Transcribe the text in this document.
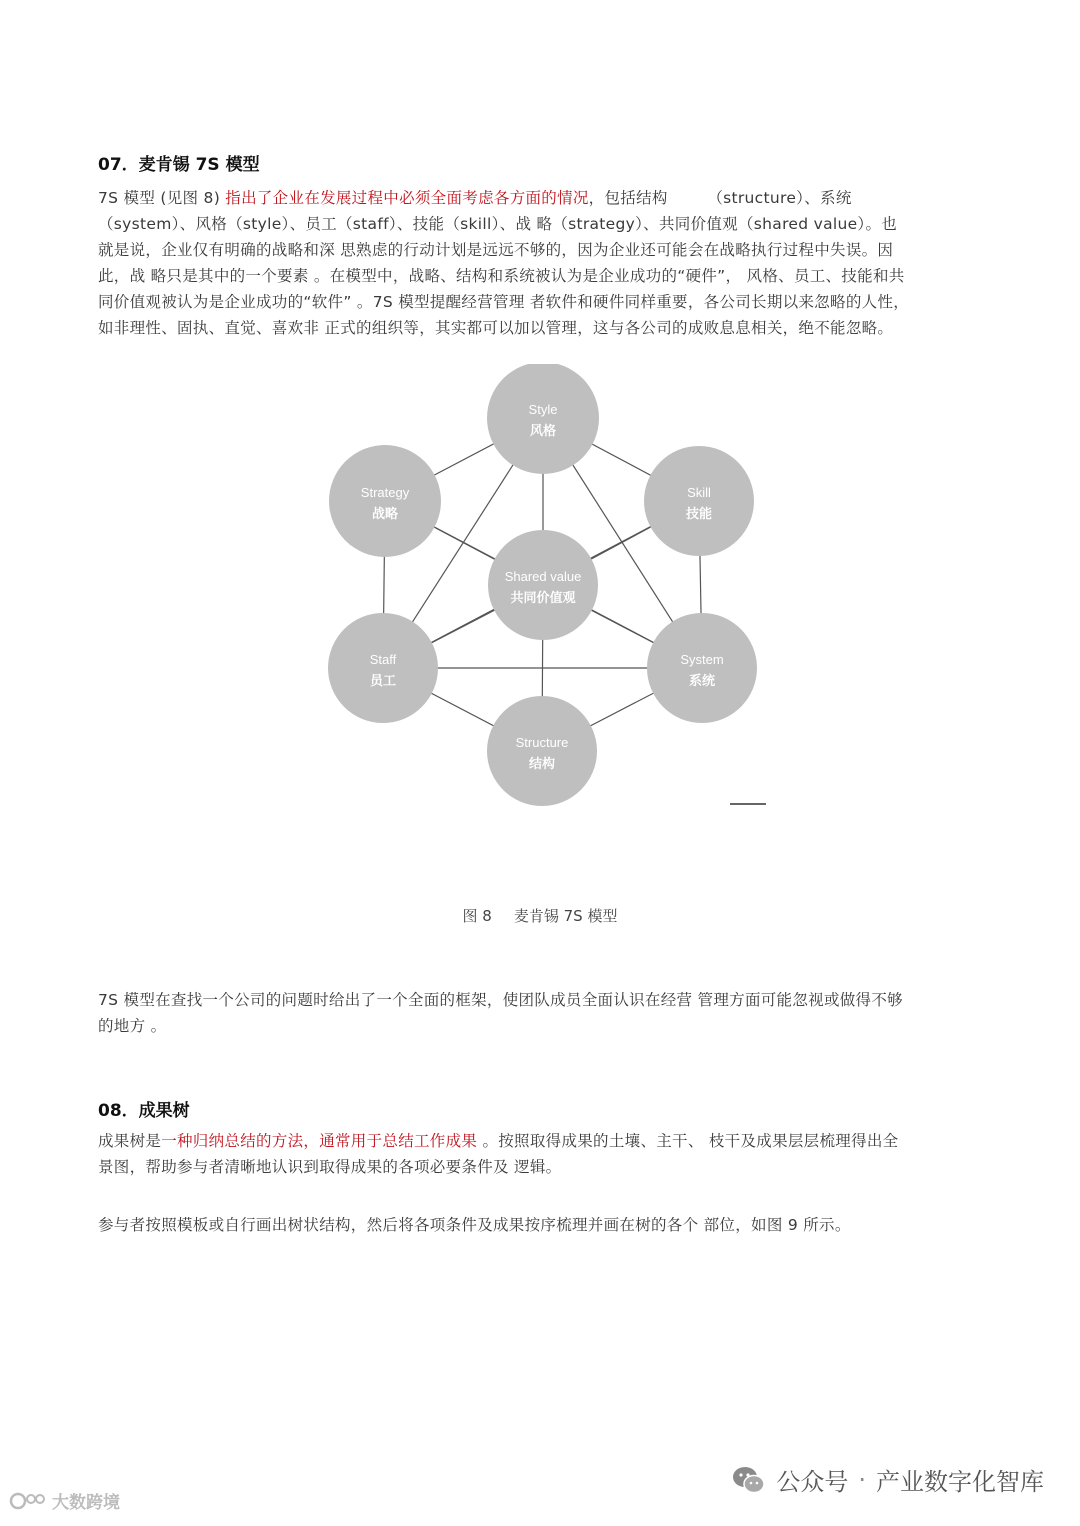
07．麦肯锡 7S 模型

7S 模型 (见图 8) 指出了企业在发展过程中必须全面考虑各方面的情况，包括结构　　　（structure）、系统（system）、风格（style）、员工（staff）、技能（skill）、战 略（strategy）、共同价值观（shared value）。也就是说，企业仅有明确的战略和深 思熟虑的行动计划是远远不够的，因为企业还可能会在战略执行过程中失误。因此，战 略只是其中的一个要素 。在模型中，战略、结构和系统被认为是企业成功的“硬件”， 风格、员工、技能和共同价值观被认为是企业成功的“软件” 。7S 模型提醒经营管理 者软件和硬件同样重要，各公司长期以来忽略的人性，如非理性、固执、直觉、喜欢非 正式的组织等，其实都可以加以管理，这与各公司的成败息息相关，绝不能忽略。

Style
风格
Strategy
战略
Skill
技能
Shared value
共同价值观
Staff
员工
System
系统
Structure
结构

图 8 麦肯锡 7S 模型

7S 模型在查找一个公司的问题时给出了一个全面的框架，使团队成员全面认识在经营 管理方面可能忽视或做得不够的地方 。

08．成果树

成果树是一种归纳总结的方法，通常用于总结工作成果 。按照取得成果的土壤、主干、 枝干及成果层层梳理得出全景图，帮助参与者清晰地认识到取得成果的各项必要条件及 逻辑。

参与者按照模板或自行画出树状结构，然后将各项条件及成果按序梳理并画在树的各个 部位，如图 9 所示。

大数跨境
公众号 · 产业数字化智库
